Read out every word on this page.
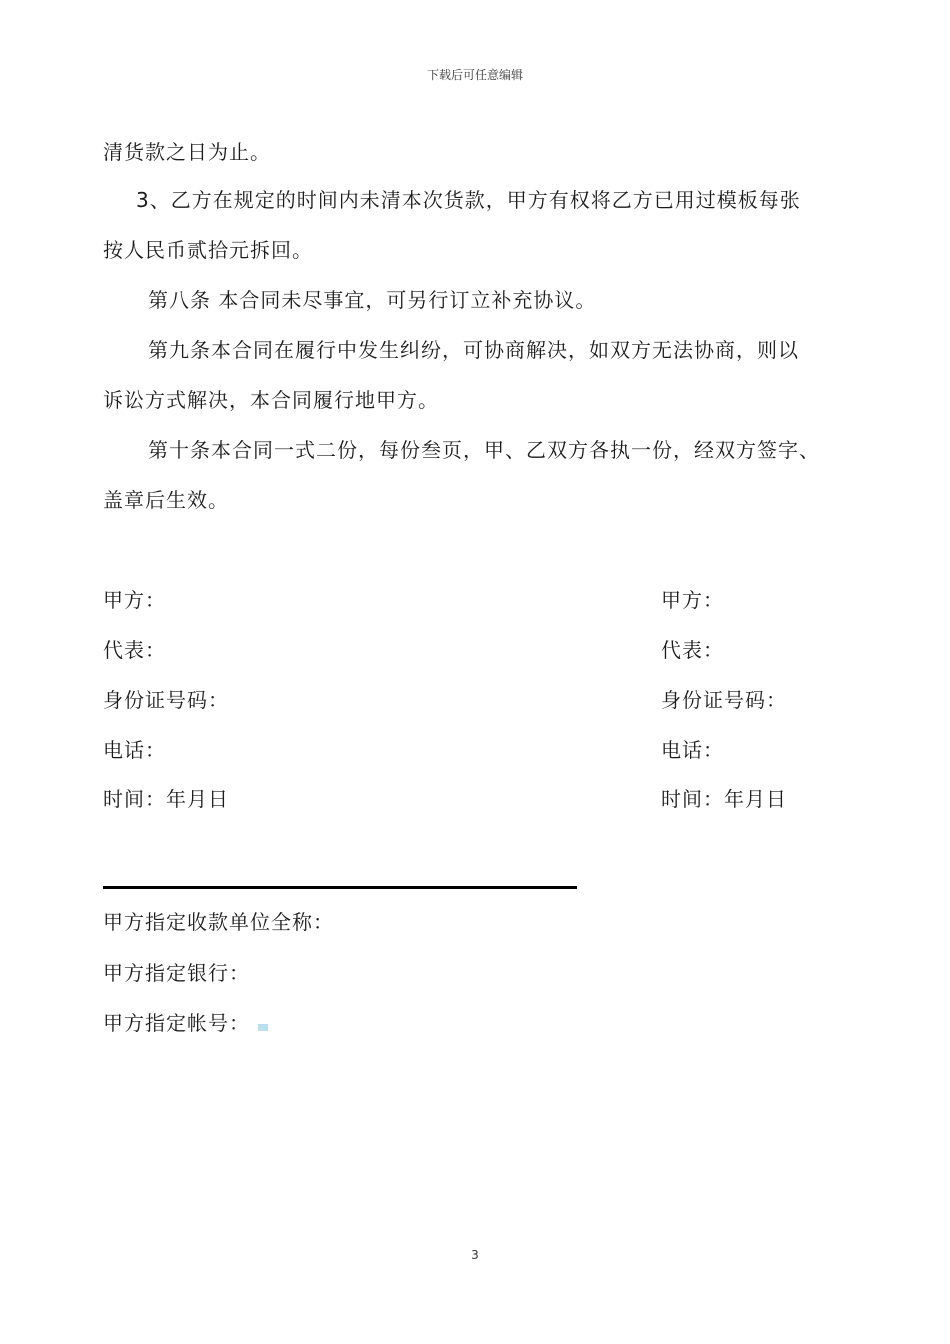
下载后可任意编辑
清货款之日为止。
3、乙方在规定的时间内未清本次货款，甲方有权将乙方已用过模板每张
按人民币贰拾元拆回。
第八条 本合同未尽事宜，可另行订立补充协议。
第九条本合同在履行中发生纠纷，可协商解决，如双方无法协商，则以
诉讼方式解决，本合同履行地甲方。
第十条本合同一式二份，每份叁页，甲、乙双方各执一份，经双方签字、
盖章后生效。
甲方：
代表：
身份证号码：
电话：
时间：年月日
甲方：
代表：
身份证号码：
电话：
时间：年月日
甲方指定收款单位全称：
甲方指定银行：
甲方指定帐号：
3
